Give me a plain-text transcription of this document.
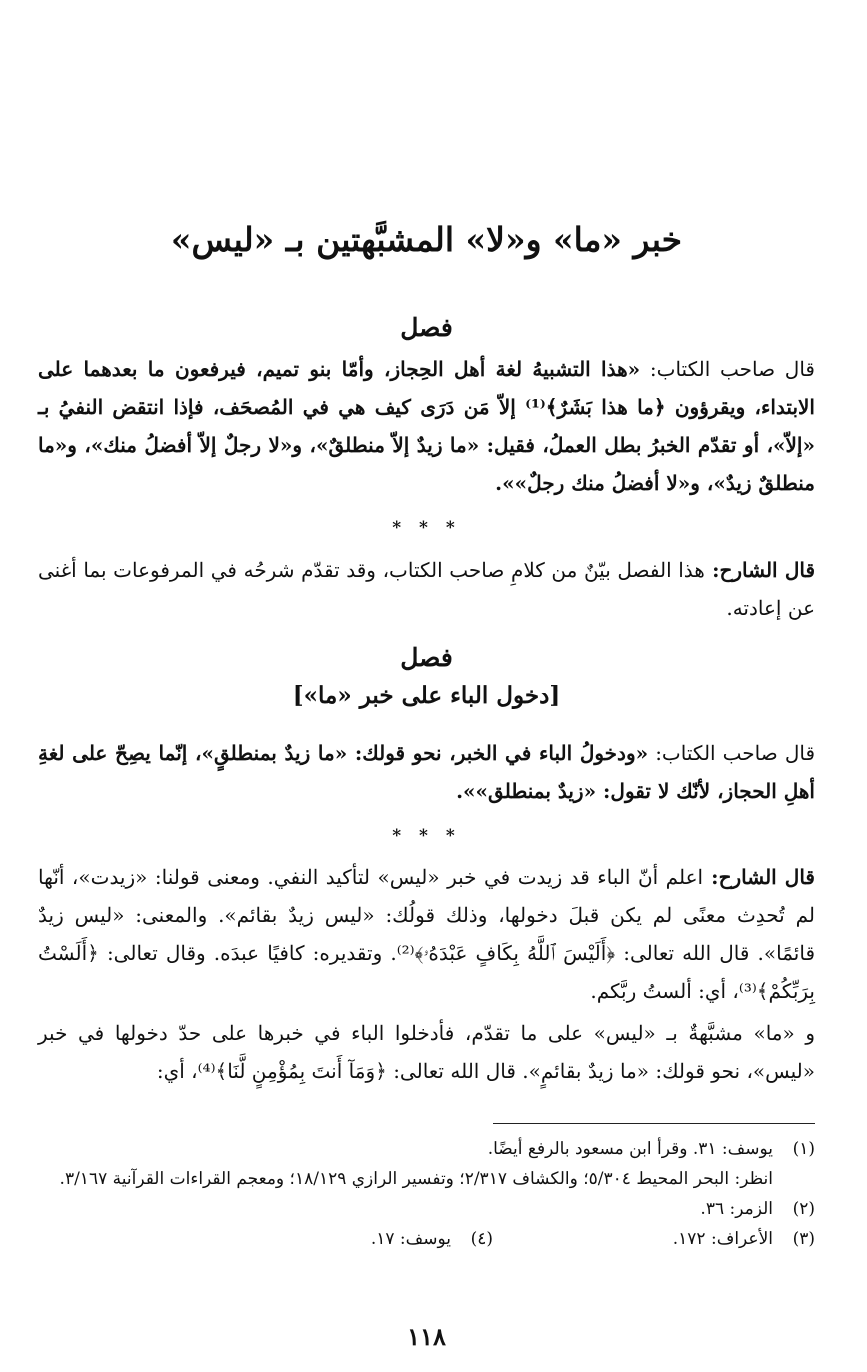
خبر «ما» و«لا» المشبَّهتين بـ «ليس»
فصل

قال صاحب الكتاب: «هذا التشبيهُ لغة أهل الحِجاز، وأمّا بنو تميم، فيرفعون ما بعدهما على الابتداء، ويقرؤون ﴿ما هذا بَشَرٌ﴾⁽¹⁾ إلاّ مَن دَرَى كيف هي في المُصحَف، فإذا انتقض النفيُ بـ «إلاّ»، أو تقدّم الخبرُ بطل العملُ، فقيل: «ما زيدٌ إلاّ منطلقٌ»، و«لا رجلٌ إلاّ أفضلُ منك»، و«ما منطلقٌ زيدٌ»، و«لا أفضلُ منك رجلٌ»».

* * *

قال الشارح: هذا الفصل بيّنٌ من كلامِ صاحب الكتاب، وقد تقدّم شرحُه في المرفوعات بما أغنى عن إعادته.

فصل
[دخول الباء على خبر «ما»]

قال صاحب الكتاب: «ودخولُ الباء في الخبر، نحو قولك: «ما زيدٌ بمنطلقٍ»، إنّما يصِحّ على لغةِ أهلِ الحجاز، لأنّك لا تقول: «زيدٌ بمنطلق»».

* * *

قال الشارح: اعلم أنّ الباء قد زيدت في خبر «ليس» لتأكيد النفي. ومعنى قولنا: «زيدت»، أنّها لم تُحدِث معنًى لم يكن قبلَ دخولها، وذلك قولُك: «ليس زيدٌ بقائم». والمعنى: «ليس زيدٌ قائمًا». قال الله تعالى: ﴿أَلَيْسَ ٱللَّهُ بِكَافٍ عَبْدَهُۥ﴾⁽²⁾. وتقديره: كافيًا عبدَه. وقال تعالى: ﴿أَلَسْتُ بِرَبِّكُمْ﴾⁽³⁾، أي: ألستُ ربَّكم.

و «ما» مشبَّهةٌ بـ «ليس» على ما تقدّم، فأدخلوا الباء في خبرها على حدّ دخولها في خبر «ليس»، نحو قولك: «ما زيدٌ بقائمٍ». قال الله تعالى: ﴿وَمَآ أَنتَ بِمُؤْمِنٍ لَّنَا﴾⁽⁴⁾، أي:

(١)يوسف: ٣١. وقرأ ابن مسعود بالرفع أيضًا.
انظر: البحر المحيط ٥/٣٠٤؛ والكشاف ٢/٣١٧؛ وتفسير الرازي ١٨/١٢٩؛ ومعجم القراءات القرآنية ٣/١٦٧.
(٢)الزمر: ٣٦.
(٣)الأعراف: ١٧٢.
(٤)يوسف: ١٧.
١١٨
